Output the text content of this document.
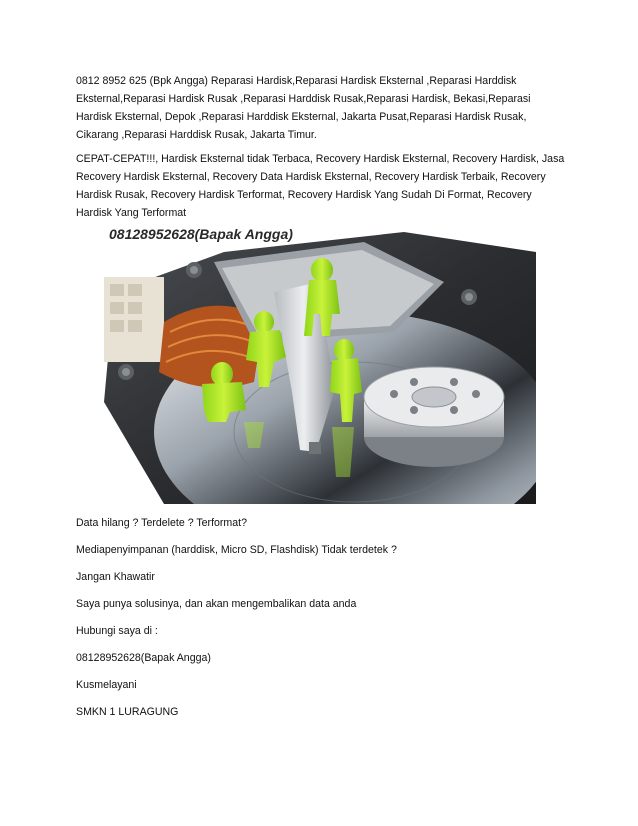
0812 8952 625 (Bpk Angga) Reparasi Hardisk,Reparasi Hardisk Eksternal ,Reparasi Harddisk Eksternal,Reparasi Hardisk Rusak ,Reparasi Harddisk Rusak,Reparasi Hardisk, Bekasi,Reparasi Hardisk Eksternal, Depok ,Reparasi Harddisk Eksternal, Jakarta Pusat,Reparasi Hardisk Rusak, Cikarang ,Reparasi Harddisk Rusak, Jakarta Timur.

CEPAT-CEPAT!!!, Hardisk Eksternal tidak Terbaca, Recovery Hardisk Eksternal, Recovery Hardisk, Jasa Recovery Hardisk Eksternal, Recovery Data Hardisk Eksternal, Recovery Hardisk Terbaik, Recovery Hardisk Rusak, Recovery Hardisk Terformat, Recovery Hardisk Yang Sudah Di Format, Recovery Hardisk Yang Terformat

08128952628(Bapak Angga)

Data hilang ? Terdelete ? Terformat?

Mediapenyimpanan (harddisk, Micro SD, Flashdisk) Tidak terdetek ?

Jangan Khawatir

Saya punya solusinya, dan akan mengembalikan data anda

Hubungi saya di :

08128952628(Bapak Angga)

Kusmelayani

SMKN 1 LURAGUNG
